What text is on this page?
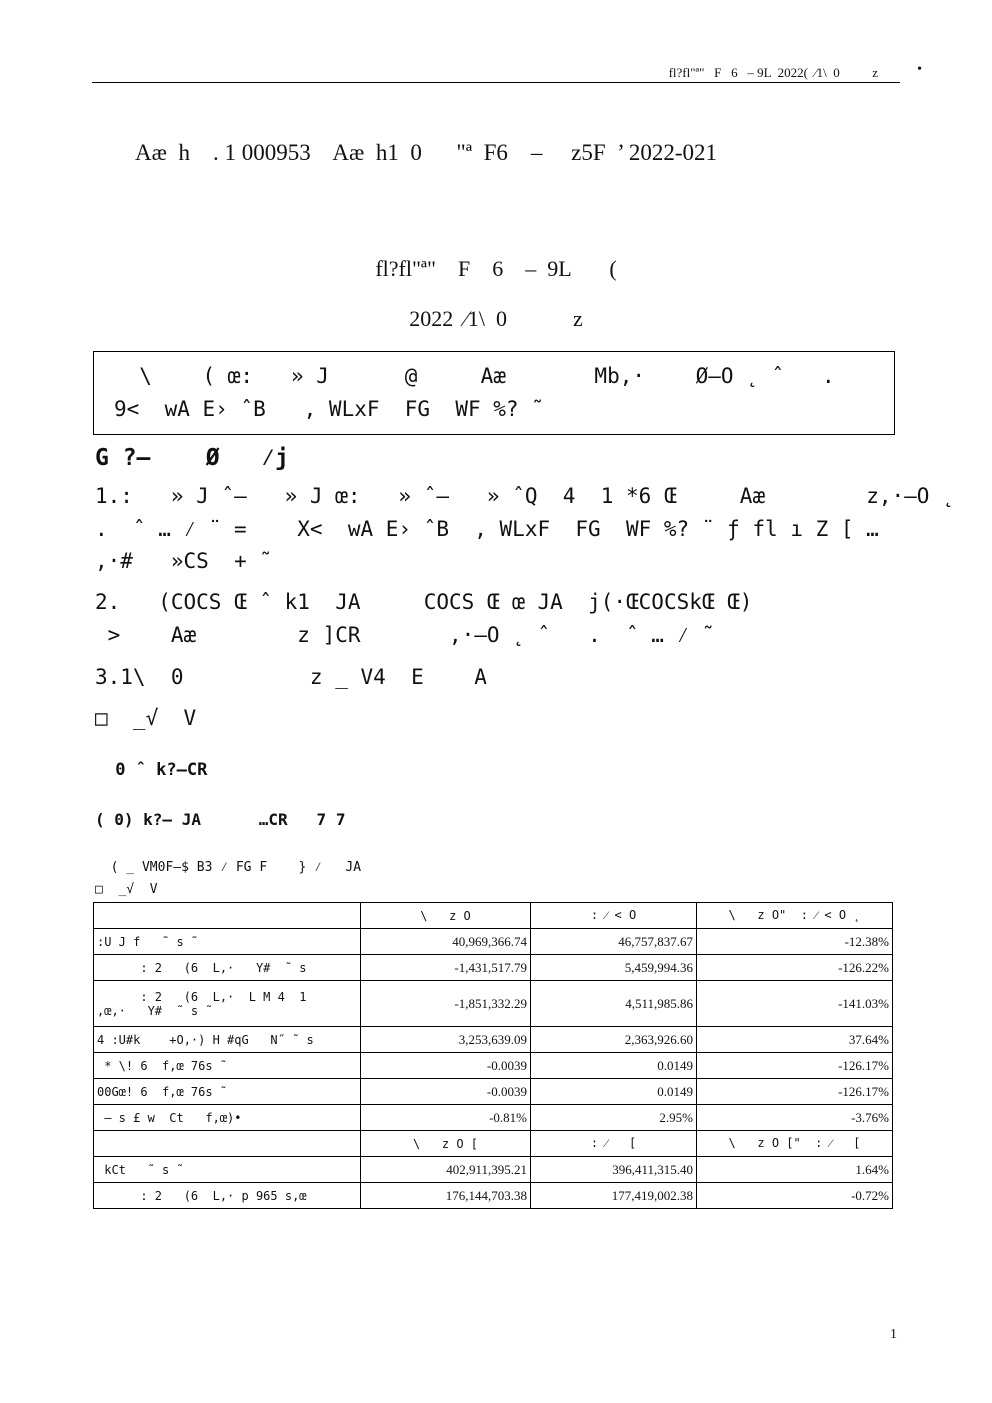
fl?fl"ª"   F   6   – 9L  2022(  ⁄1\  0          z

	•

Aæ  h    . 1 000953    Aæ  h1  0      "ª  F6    –     z5F  ’ 2022-021
fl?fl"ª"    F    6    –  9L       (
2022  ⁄1\  0            z

\    ( œ:   » J      @     Aæ       Mb,·    Ø–O ˛ ˆ   .

9<  wA E› ˆB   , WLxF  FG  WF %? ˜

G ?–    Ø   ⁄j
1.:   » J ˆ–   » J œ:   » ˆ–   » ˆQ  4  1 *6 Œ     Aæ        z,·–O ˛
.  ˆ … ⁄ ¨ =    X<  wA E› ˆB  , WLxF  FG  WF %? ¨ ƒ fl ı Z [ …
,·#   »CS  + ˜
2.   (COCS Œ ˆ k1  JA     COCS Œ œ JA  j(·ŒCOCSkŒ Œ)
>    Aæ        z ]CR       ,·–O ˛ ˆ   .  ˆ … ⁄ ˜
3.1\  0          z _ V4  E    A
□  _√  V
0 ˆ k?–CR
( 0) k?– JA      …CR   7 7
( _ VM0F–$ B3 ⁄ FG F    } ⁄   JA
□  _√  V
	\   z O	: ⁄ < O	\   z O"  : ⁄ < O ˛
:U J f   ˜ s ˜	40,969,366.74	46,757,837.67	-12.38%
: 2   (6  L,·   Y#  ˜ s	-1,431,517.79	5,459,994.36	-126.22%

: 2   (6  L,·  L M 4  1
,œ,·   Y#  ˜ s ˜	-1,851,332.29	4,511,985.86	-141.03%
4 :U#k    +O,·) H #qG   N˝ ˜ s	3,253,639.09	2,363,926.60	37.64%
* \! 6  f,œ 76s ˜	-0.0039	0.0149	-126.17%
00Gœ! 6  f,œ 76s ˜	-0.0039	0.0149	-126.17%
– s £ w  Ct   f,œ)•	-0.81%	2.95%	-3.76%
	\   z O [	: ⁄   [	\   z O ["  : ⁄   [
kCt   ˜ s ˜	402,911,395.21	396,411,315.40	1.64%
: 2   (6  L,· p 965 s,œ	176,144,703.38	177,419,002.38	-0.72%
1
